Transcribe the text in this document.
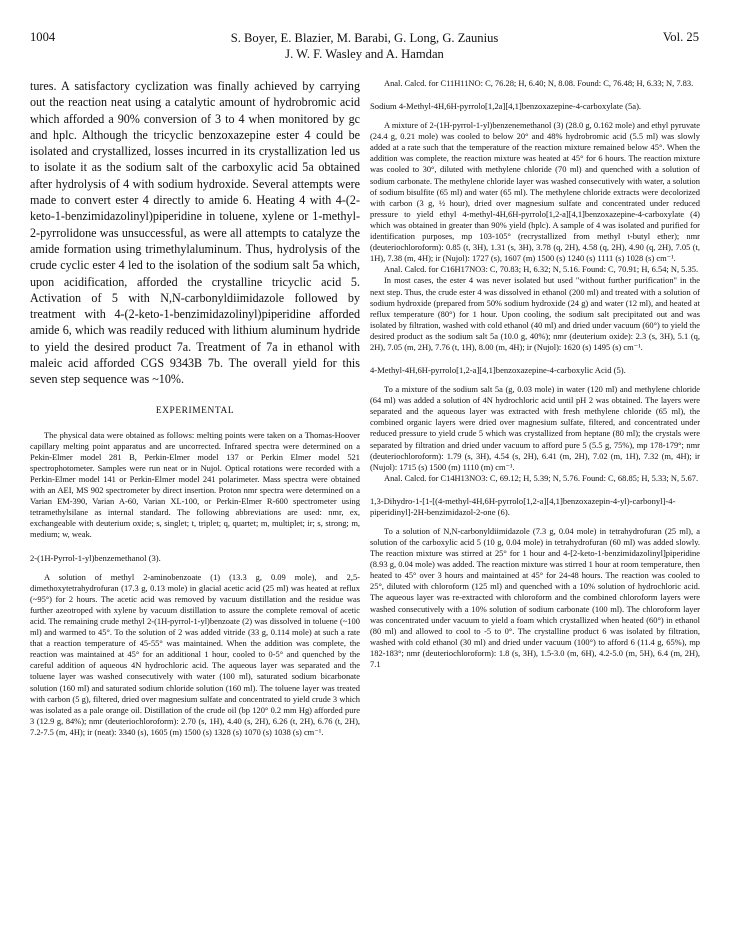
1004	S. Boyer, E. Blazier, M. Barabi, G. Long, G. Zaunius
J. W. F. Wasley and A. Hamdan
Vol. 25

tures. A satisfactory cyclization was finally achieved by carrying out the reaction neat using a catalytic amount of hydrobromic acid which afforded a 90% conversion of 3 to 4 when monitored by gc and hplc. Although the tricyclic benzoxazepine ester 4 could be isolated and crystallized, losses incurred in its crystallization led us to isolate it as the sodium salt of the carboxylic acid 5a obtained after hydrolysis of 4 with sodium hydroxide. Several attempts were made to convert ester 4 directly to amide 6. Heating 4 with 4-(2-keto-1-benzimidazolinyl)piperidine in toluene, xylene or 1-methyl-2-pyrrolidone was unsuccessful, as were all attempts to catalyze the amide formation using trimethylaluminum. Thus, hydrolysis of the crude cyclic ester 4 led to the isolation of the sodium salt 5a which, upon acidification, afforded the crystalline tricyclic acid 5. Activation of 5 with N,N-carbonyldiimidazole followed by treatment with 4-(2-keto-1-benzimidazolinyl)piperidine afforded amide 6, which was readily reduced with lithium aluminum hydride to yield the desired product 7a. Treatment of 7a in ethanol with maleic acid afforded CGS 9343B 7b. The overall yield for this seven step sequence was ~10%.

EXPERIMENTAL

The physical data were obtained as follows: melting points were taken on a Thomas-Hoover capillary melting point apparatus and are uncorrected. Infrared spectra were determined on a Pekin-Elmer model 281 B, Perkin-Elmer model 137 or Perkin Elmer model 521 spectrophotometer. Samples were run neat or in Nujol. Optical rotations were recorded with a Perkin-Elmer model 141 or Perkin-Elmer model 241 polarimeter. Mass spectra were obtained with an AEI, MS 902 spectrometer by direct insertion. Proton nmr spectra were determined on a Varian EM-390, Varian A-60, Varian XL-100, or Perkin-Elmer R-600 spectrometer using tetramethylsilane as internal standard. The following abbreviations are used: nmr, ex, exchangeable with deuterium oxide; s, singlet; t, triplet; q, quartet; m, multiplet; ir; s, strong; m, medium; w, weak.

2-(1H-Pyrrol-1-yl)benzemethanol (3).

A solution of methyl 2-aminobenzoate (1) (13.3 g, 0.09 mole), and 2,5-dimethoxytetrahydrofuran (17.3 g, 0.13 mole) in glacial acetic acid (25 ml) was heated at reflux (~95°) for 2 hours. The acetic acid was removed by vacuum distillation and the residue was further azeotroped with xylene by vacuum distillation to assure the complete removal of acetic acid. The remaining crude methyl 2-(1H-pyrrol-1-yl)benzoate (2) was dissolved in toluene (~100 ml) and warmed to 45°. To the solution of 2 was added vitride (33 g, 0.114 mole) at such a rate that a reaction temperature of 45-55° was maintained. When the addition was complete, the reaction was maintained at 45° for an additional 1 hour, cooled to 0-5° and quenched by the careful addition of aqueous 4N hydrochloric acid. The aqueous layer was separated and the toluene layer was washed consecutively with water (100 ml), saturated sodium bicarbonate solution (160 ml) and saturated sodium chloride solution (160 ml). The toluene layer was treated with carbon (5 g), filtered, dried over magnesium sulfate and concentrated to yield crude 3 which was isolated as a pale orange oil. Distillation of the crude oil (bp 120° 0.2 mm Hg) afforded pure 3 (12.9 g, 84%); nmr (deuteriochloroform): 2.70 (s, 1H), 4.40 (s, 2H), 6.26 (t, 2H), 6.76 (t, 2H), 7.2-7.5 (m, 4H); ir (neat): 3340 (s), 1605 (m) 1500 (s) 1328 (s) 1070 (s) 1038 (s) cm⁻¹.

Anal. Calcd. for C11H11NO: C, 76.28; H, 6.40; N, 8.08. Found: C, 76.48; H, 6.33; N, 7.83.

Sodium 4-Methyl-4H,6H-pyrrolo[1,2a][4,1]benzoxazepine-4-carboxylate (5a).

A mixture of 2-(1H-pyrrol-1-yl)benzenemethanol (3) (28.0 g, 0.162 mole) and ethyl pyruvate (24.4 g, 0.21 mole) was cooled to below 20° and 48% hydrobromic acid (5.5 ml) was slowly added at a rate such that the temperature of the reaction mixture remained below 45°. When the addition was complete, the reaction mixture was heated at 45° for 6 hours. The reaction mixture was cooled to 30°, diluted with methylene chloride (70 ml) and quenched with a solution of sodium carbonate. The methylene chloride layer was washed consecutively with water, a solution of sodium bisulfite (65 ml) and water (65 ml). The methylene chloride extracts were decolorized with carbon (3 g, ½ hour), dried over magnesium sulfate and concentrated under reduced pressure to yield ethyl 4-methyl-4H,6H-pyrrolo[1,2-a][4,1]benzoxazepine-4-carboxylate (4) which was obtained in greater than 90% yield (hplc). A sample of 4 was isolated and purified for identification purposes, mp 103-105° (recrystallized from methyl t-butyl ether); nmr (deuteriochloroform): 0.85 (t, 3H), 1.31 (s, 3H), 3.78 (q, 2H), 4.58 (q, 2H), 4.90 (q, 2H), 7.05 (t, 1H), 7.38 (m, 4H); ir (Nujol): 1727 (s), 1607 (m) 1500 (s) 1240 (s) 1111 (s) 1028 (s) cm⁻¹.

Anal. Calcd. for C16H17NO3: C, 70.83; H, 6.32; N, 5.16. Found: C, 70.91; H, 6.54; N, 5.35.

In most cases, the ester 4 was never isolated but used "without further purification" in the next step. Thus, the crude ester 4 was dissolved in ethanol (200 ml) and treated with a solution of sodium hydroxide (prepared from 50% sodium hydroxide (24 g) and water (12 ml), and heated at reflux temperature (80°) for 1 hour. Upon cooling, the sodium salt precipitated out and was isolated by filtration, washed with cold ethanol (40 ml) and dried under vacuum (60°) to yield the desired product as the sodium salt 5a (10.0 g, 40%); nmr (deuterium oxide): 2.3 (s, 3H), 5.1 (q, 2H), 7.05 (m, 2H), 7.76 (t, 1H), 8.00 (m, 4H); ir (Nujol): 1620 (s) 1495 (s) cm⁻¹.

4-Methyl-4H,6H-pyrrolo[1,2-a][4,1]benzoxazepine-4-carboxylic Acid (5).

To a mixture of the sodium salt 5a (g, 0.03 mole) in water (120 ml) and methylene chloride (64 ml) was added a solution of 4N hydrochloric acid until pH 2 was obtained. The layers were separated and the aqueous layer was extracted with fresh methylene chloride (65 ml), the combined organic layers were dried over magnesium sulfate, filtered, and concentrated under reduced pressure to yield crude 5 which was crystallized from heptane (80 ml); the crystals were separated by filtration and dried under vacuum to afford pure 5 (5.5 g, 75%), mp 178-179°; nmr (deuteriochloroform): 1.79 (s, 3H), 4.54 (s, 2H), 6.41 (m, 2H), 7.02 (m, 1H), 7.32 (m, 4H); ir (Nujol): 1715 (s) 1500 (m) 1110 (m) cm⁻¹.

Anal. Calcd. for C14H13NO3: C, 69.12; H, 5.39; N, 5.76. Found: C, 68.85; H, 5.33; N, 5.67.

1,3-Dihydro-1-[1-[(4-methyl-4H,6H-pyrrolo[1,2-a][4,1]benzoxazepin-4-yl)-carbonyl]-4-piperidinyl]-2H-benzimidazol-2-one (6).

To a solution of N,N-carbonyldiimidazole (7.3 g, 0.04 mole) in tetrahydrofuran (25 ml), a solution of the carboxylic acid 5 (10 g, 0.04 mole) in tetrahydrofuran (60 ml) was added slowly. The reaction mixture was stirred at 25° for 1 hour and 4-[2-keto-1-benzimidazolinyl]piperidine (8.93 g, 0.04 mole) was added. The reaction mixture was stirred 1 hour at room temperature, then heated to 45° over 3 hours and maintained at 45° for 24-48 hours. The reaction was cooled to 25°, diluted with chloroform (125 ml) and quenched with a 10% solution of hydrochloric acid. The aqueous layer was re-extracted with chloroform and the combined chloroform layers were washed consecutively with a 10% solution of sodium carbonate (100 ml). The chloroform layer was concentrated under vacuum to yield a foam which crystallized when heated (60°) in ethanol (80 ml) and allowed to cool to -5 to 0°. The crystalline product 6 was isolated by filtration, washed with cold ethanol (30 ml) and dried under vacuum (100°) to afford 6 (11.4 g, 65%), mp 182-183°; nmr (deuteriochloroform): 1.8 (s, 3H), 1.5-3.0 (m, 6H), 4.2-5.0 (m, 5H), 6.4 (m, 2H), 7.1
